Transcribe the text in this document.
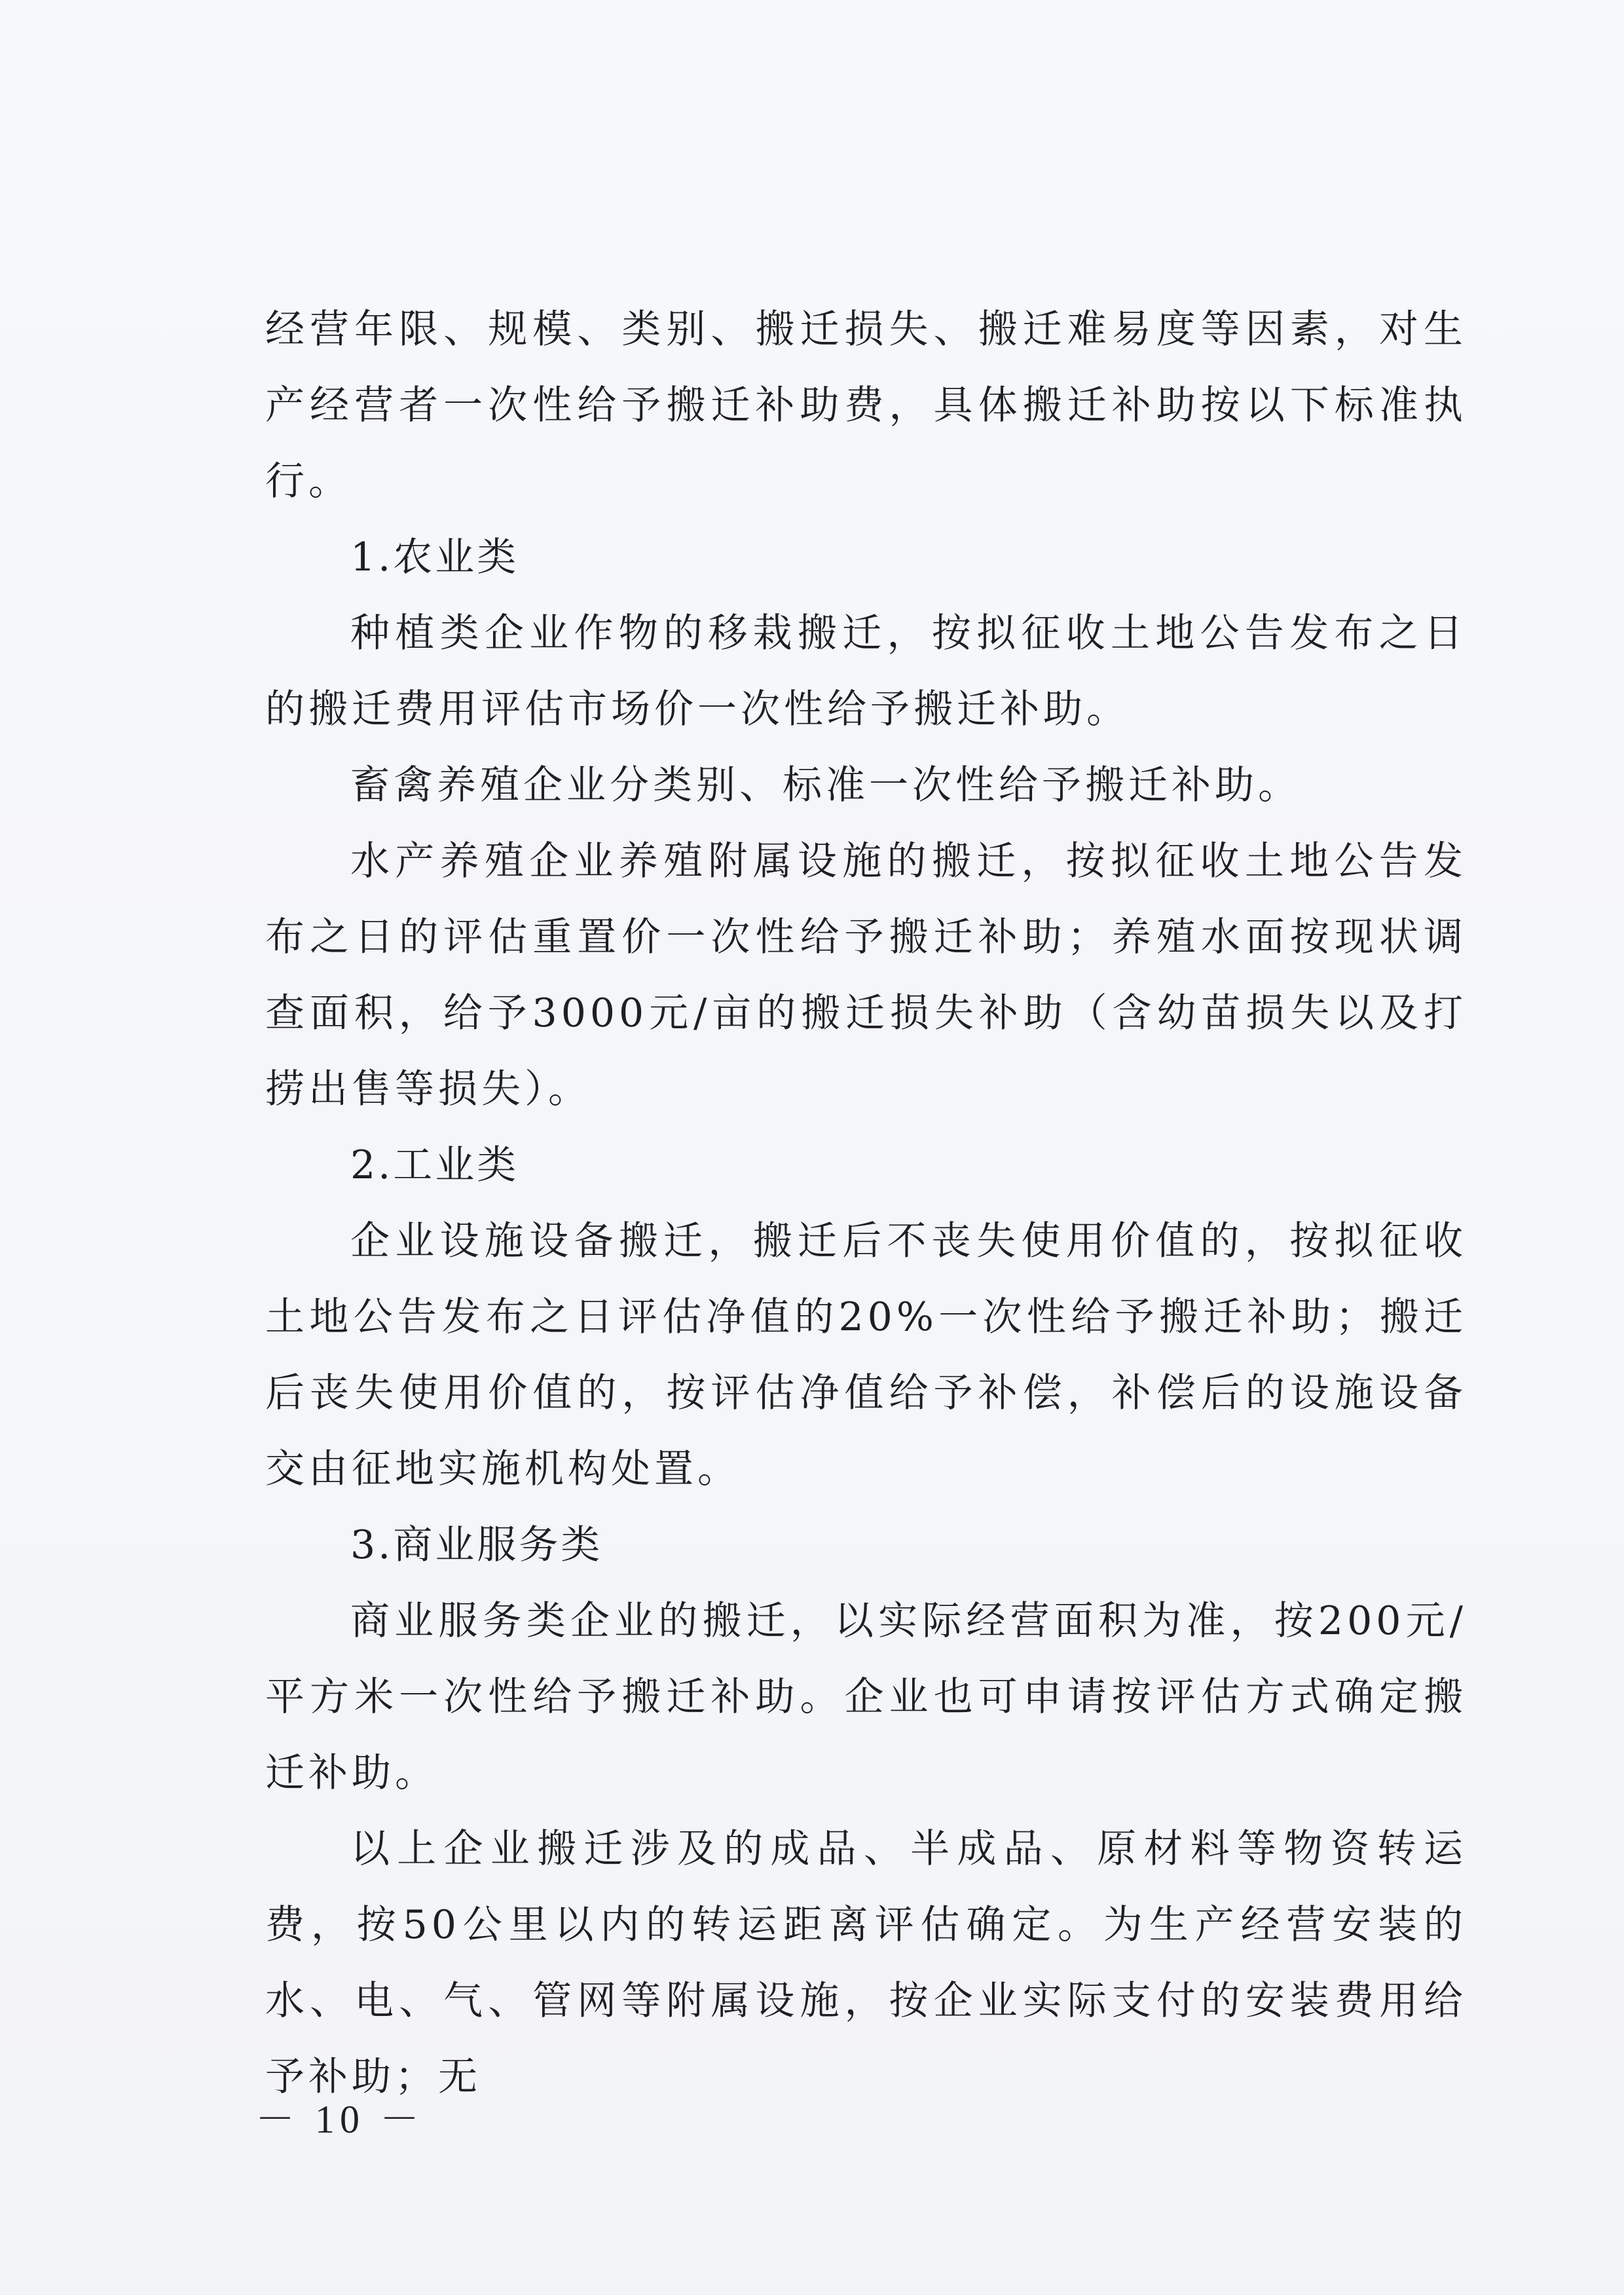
经营年限、规模、类别、搬迁损失、搬迁难易度等因素，对生产经营者一次性给予搬迁补助费，具体搬迁补助按以下标准执行。

1.农业类

种植类企业作物的移栽搬迁，按拟征收土地公告发布之日的搬迁费用评估市场价一次性给予搬迁补助。

畜禽养殖企业分类别、标准一次性给予搬迁补助。

水产养殖企业养殖附属设施的搬迁，按拟征收土地公告发布之日的评估重置价一次性给予搬迁补助；养殖水面按现状调查面积，给予3000元/亩的搬迁损失补助（含幼苗损失以及打捞出售等损失）。

2.工业类

企业设施设备搬迁，搬迁后不丧失使用价值的，按拟征收土地公告发布之日评估净值的20%一次性给予搬迁补助；搬迁后丧失使用价值的，按评估净值给予补偿，补偿后的设施设备交由征地实施机构处置。

3.商业服务类

商业服务类企业的搬迁，以实际经营面积为准，按200元/平方米一次性给予搬迁补助。企业也可申请按评估方式确定搬迁补助。

以上企业搬迁涉及的成品、半成品、原材料等物资转运费，按50公里以内的转运距离评估确定。为生产经营安装的水、电、气、管网等附属设施，按企业实际支付的安装费用给予补助；无

－ 10 －
